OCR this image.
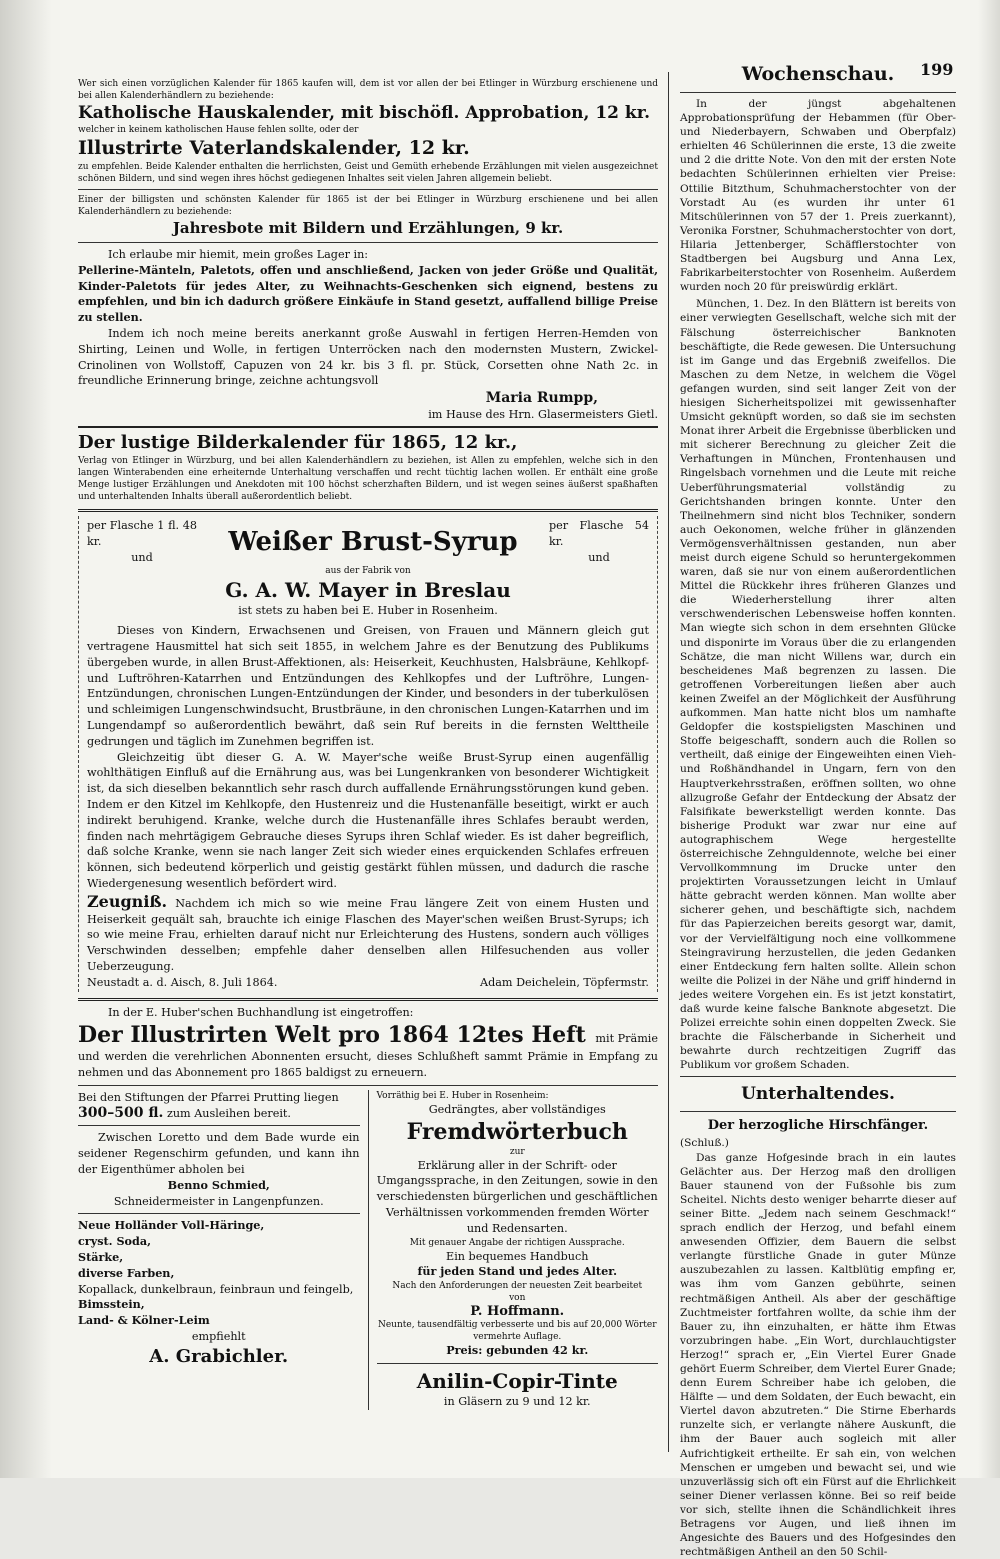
199

Wer sich einen vorzüglichen Kalender für 1865 kaufen will, dem ist vor allen der bei Etlinger in Würzburg erschienene und bei allen Kalenderhändlern zu beziehende:

Katholische Hauskalender, mit bischöfl. Approbation, 12 kr.

welcher in keinem katholischen Hause fehlen sollte, oder der

Illustrirte Vaterlandskalender, 12 kr.

zu empfehlen. Beide Kalender enthalten die herrlichsten, Geist und Gemüth erhebende Erzählungen mit vielen ausgezeichnet schönen Bildern, und sind wegen ihres höchst gediegenen Inhaltes seit vielen Jahren allgemein beliebt.

Einer der billigsten und schönsten Kalender für 1865 ist der bei Etlinger in Würzburg erschienene und bei allen Kalenderhändlern zu beziehende:

Jahresbote mit Bildern und Erzählungen, 9 kr.

Ich erlaube mir hiemit, mein großes Lager in:

Pellerine-Mänteln, Paletots, offen und anschließend, Jacken von jeder Größe und Qualität, Kinder-Paletots für jedes Alter, zu Weihnachts-Geschenken sich eignend, bestens zu empfehlen, und bin ich dadurch größere Einkäufe in Stand gesetzt, auffallend billige Preise zu stellen.

Indem ich noch meine bereits anerkannt große Auswahl in fertigen Herren-Hemden von Shirting, Leinen und Wolle, in fertigen Unterröcken nach den modernsten Mustern, Zwickel-Crinolinen von Wollstoff, Capuzen von 24 kr. bis 3 fl. pr. Stück, Corsetten ohne Nath 2c. in freundliche Erinnerung bringe, zeichne achtungsvoll

Maria Rumpp,

im Hause des Hrn. Glasermeisters Gietl.

Der lustige Bilderkalender für 1865, 12 kr.,

Verlag von Etlinger in Würzburg, und bei allen Kalenderhändlern zu beziehen, ist Allen zu empfehlen, welche sich in den langen Winterabenden eine erheiternde Unterhaltung verschaffen und recht tüchtig lachen wollen. Er enthält eine große Menge lustiger Erzählungen und Anekdoten mit 100 höchst scherzhaften Bildern, und ist wegen seines äußerst spaßhaften und unterhaltenden Inhalts überall außerordentlich beliebt.

per Flasche 1 fl. 48 kr.
und
Weißer Brust-Syrup
per Flasche 54 kr.
und

aus der Fabrik von

G. A. W. Mayer in Breslau

ist stets zu haben bei E. Huber in Rosenheim.

Dieses von Kindern, Erwachsenen und Greisen, von Frauen und Männern gleich gut vertragene Hausmittel hat sich seit 1855, in welchem Jahre es der Benutzung des Publikums übergeben wurde, in allen Brust-Affektionen, als: Heiserkeit, Keuchhusten, Halsbräune, Kehlkopf- und Luftröhren-Katarrhen und Entzündungen des Kehlkopfes und der Luftröhre, Lungen-Entzündungen, chronischen Lungen-Entzündungen der Kinder, und besonders in der tuberkulösen und schleimigen Lungenschwindsucht, Brustbräune, in den chronischen Lungen-Katarrhen und im Lungendampf so außerordentlich bewährt, daß sein Ruf bereits in die fernsten Welttheile gedrungen und täglich im Zunehmen begriffen ist.

Gleichzeitig übt dieser G. A. W. Mayer'sche weiße Brust-Syrup einen augenfällig wohlthätigen Einfluß auf die Ernährung aus, was bei Lungenkranken von besonderer Wichtigkeit ist, da sich dieselben bekanntlich sehr rasch durch auffallende Ernährungsstörungen kund geben. Indem er den Kitzel im Kehlkopfe, den Hustenreiz und die Hustenanfälle beseitigt, wirkt er auch indirekt beruhigend. Kranke, welche durch die Hustenanfälle ihres Schlafes beraubt werden, finden nach mehrtägigem Gebrauche dieses Syrups ihren Schlaf wieder. Es ist daher begreiflich, daß solche Kranke, wenn sie nach langer Zeit sich wieder eines erquickenden Schlafes erfreuen können, sich bedeutend körperlich und geistig gestärkt fühlen müssen, und dadurch die rasche Wiedergenesung wesentlich befördert wird.

Zeugniß. Nachdem ich mich so wie meine Frau längere Zeit von einem Husten und Heiserkeit gequält sah, brauchte ich einige Flaschen des Mayer'schen weißen Brust-Syrups; ich so wie meine Frau, erhielten darauf nicht nur Erleichterung des Hustens, sondern auch völliges Verschwinden desselben; empfehle daher denselben allen Hilfesuchenden aus voller Ueberzeugung.

Neustadt a. d. Aisch, 8. Juli 1864.	Adam Deichelein, Töpfermstr.

In der E. Huber'schen Buchhandlung ist eingetroffen:

Der Illustrirten Welt pro 1864 12tes Heft mit Prämie

und werden die verehrlichen Abonnenten ersucht, dieses Schlußheft sammt Prämie in Empfang zu nehmen und das Abonnement pro 1865 baldigst zu erneuern.

Bei den Stiftungen der Pfarrei Prutting liegen

300–500 fl. zum Ausleihen bereit.

Zwischen Loretto und dem Bade wurde ein seidener Regenschirm gefunden, und kann ihn der Eigenthümer abholen bei

Benno Schmied,

Schneidermeister in Langenpfunzen.

Neue Holländer Voll-Häringe,

cryst. Soda,

Stärke,

diverse Farben,

Kopallack, dunkelbraun, feinbraun und feingelb,

Bimsstein,

Land- & Kölner-Leim

empfiehlt

A. Grabichler.

Vorräthig bei E. Huber in Rosenheim:

Gedrängtes, aber vollständiges

Fremdwörterbuch

zur

Erklärung aller in der Schrift- oder Umgangssprache, in den Zeitungen, sowie in den verschiedensten bürgerlichen und geschäftlichen Verhältnissen vorkommenden fremden Wörter und Redensarten.

Mit genauer Angabe der richtigen Aussprache.

Ein bequemes Handbuch

für jeden Stand und jedes Alter.

Nach den Anforderungen der neuesten Zeit bearbeitet

von

P. Hoffmann.

Neunte, tausendfältig verbesserte und bis auf 20,000 Wörter vermehrte Auflage.

Preis: gebunden 42 kr.

Anilin-Copir-Tinte

in Gläsern zu 9 und 12 kr.

Wochenschau.

In der jüngst abgehaltenen Approbationsprüfung der Hebammen (für Ober- und Niederbayern, Schwaben und Oberpfalz) erhielten 46 Schülerinnen die erste, 13 die zweite und 2 die dritte Note. Von den mit der ersten Note bedachten Schülerinnen erhielten vier Preise: Ottilie Bitzthum, Schuhmacherstochter von der Vorstadt Au (es wurden ihr unter 61 Mitschülerinnen von 57 der 1. Preis zuerkannt), Veronika Forstner, Schuhmacherstochter von dort, Hilaria Jettenberger, Schäfflerstochter von Stadtbergen bei Augsburg und Anna Lex, Fabrikarbeiterstochter von Rosenheim. Außerdem wurden noch 20 für preiswürdig erklärt.

München, 1. Dez. In den Blättern ist bereits von einer verwiegten Gesellschaft, welche sich mit der Fälschung österreichischer Banknoten beschäftigte, die Rede gewesen. Die Untersuchung ist im Gange und das Ergebniß zweifellos. Die Maschen zu dem Netze, in welchem die Vögel gefangen wurden, sind seit langer Zeit von der hiesigen Sicherheitspolizei mit gewissenhafter Umsicht geknüpft worden, so daß sie im sechsten Monat ihrer Arbeit die Ergebnisse überblicken und mit sicherer Berechnung zu gleicher Zeit die Verhaftungen in München, Frontenhausen und Ringelsbach vornehmen und die Leute mit reiche Ueberführungsmaterial vollständig zu Gerichtshanden bringen konnte. Unter den Theilnehmern sind nicht blos Techniker, sondern auch Oekonomen, welche früher in glänzenden Vermögensverhältnissen gestanden, nun aber meist durch eigene Schuld so heruntergekommen waren, daß sie nur von einem außerordentlichen Mittel die Rückkehr ihres früheren Glanzes und die Wiederherstellung ihrer alten verschwenderischen Lebensweise hoffen konnten. Man wiegte sich schon in dem ersehnten Glücke und disponirte im Voraus über die zu erlangenden Schätze, die man nicht Willens war, durch ein bescheidenes Maß begrenzen zu lassen. Die getroffenen Vorbereitungen ließen aber auch keinen Zweifel an der Möglichkeit der Ausführung aufkommen. Man hatte nicht blos um namhafte Geldopfer die kostspieligsten Maschinen und Stoffe beigeschafft, sondern auch die Rollen so vertheilt, daß einige der Eingeweihten einen Vieh- und Roßhändhandel in Ungarn, fern von den Hauptverkehrsstraßen, eröffnen sollten, wo ohne allzugroße Gefahr der Entdeckung der Absatz der Falsifikate bewerkstelligt werden konnte. Das bisherige Produkt war zwar nur eine auf autographischem Wege hergestellte österreichische Zehnguldennote, welche bei einer Vervollkommnung im Drucke unter den projektirten Voraussetzungen leicht in Umlauf hätte gebracht werden können. Man wollte aber sicherer gehen, und beschäftigte sich, nachdem für das Papierzeichen bereits gesorgt war, damit, vor der Vervielfältigung noch eine vollkommene Steingravirung herzustellen, die jeden Gedanken einer Entdeckung fern halten sollte. Allein schon weilte die Polizei in der Nähe und griff hindernd in jedes weitere Vorgehen ein. Es ist jetzt konstatirt, daß wurde keine falsche Banknote abgesetzt. Die Polizei erreichte sohin einen doppelten Zweck. Sie brachte die Fälscherbande in Sicherheit und bewahrte durch rechtzeitigen Zugriff das Publikum vor großem Schaden.

Unterhaltendes.

Der herzogliche Hirschfänger.

(Schluß.)

Das ganze Hofgesinde brach in ein lautes Gelächter aus. Der Herzog maß den drolligen Bauer staunend von der Fußsohle bis zum Scheitel. Nichts desto weniger beharrte dieser auf seiner Bitte. „Jedem nach seinem Geschmack!“ sprach endlich der Herzog, und befahl einem anwesenden Offizier, dem Bauern die selbst verlangte fürstliche Gnade in guter Münze auszubezahlen zu lassen. Kaltblütig empfing er, was ihm vom Ganzen gebührte, seinen rechtmäßigen Antheil. Als aber der geschäftige Zuchtmeister fortfahren wollte, da schie ihm der Bauer zu, ihn einzuhalten, er hätte ihm Etwas vorzubringen habe. „Ein Wort, durchlauchtigster Herzog!“ sprach er, „Ein Viertel Eurer Gnade gehört Euerm Schreiber, dem Viertel Eurer Gnade; denn Eurem Schreiber habe ich geloben, die Hälfte — und dem Soldaten, der Euch bewacht, ein Viertel davon abzutreten.“ Die Stirne Eberhards runzelte sich, er verlangte nähere Auskunft, die ihm der Bauer auch sogleich mit aller Aufrichtigkeit ertheilte. Er sah ein, von welchen Menschen er umgeben und bewacht sei, und wie unzuverlässig sich oft ein Fürst auf die Ehrlichkeit seiner Diener verlassen könne. Bei so reif beide vor sich, stellte ihnen die Schändlichkeit ihres Betragens vor Augen, und ließ ihnen im Angesichte des Bauers und des Hofgesindes den rechtmäßigen Antheil an den 50 Schil-
